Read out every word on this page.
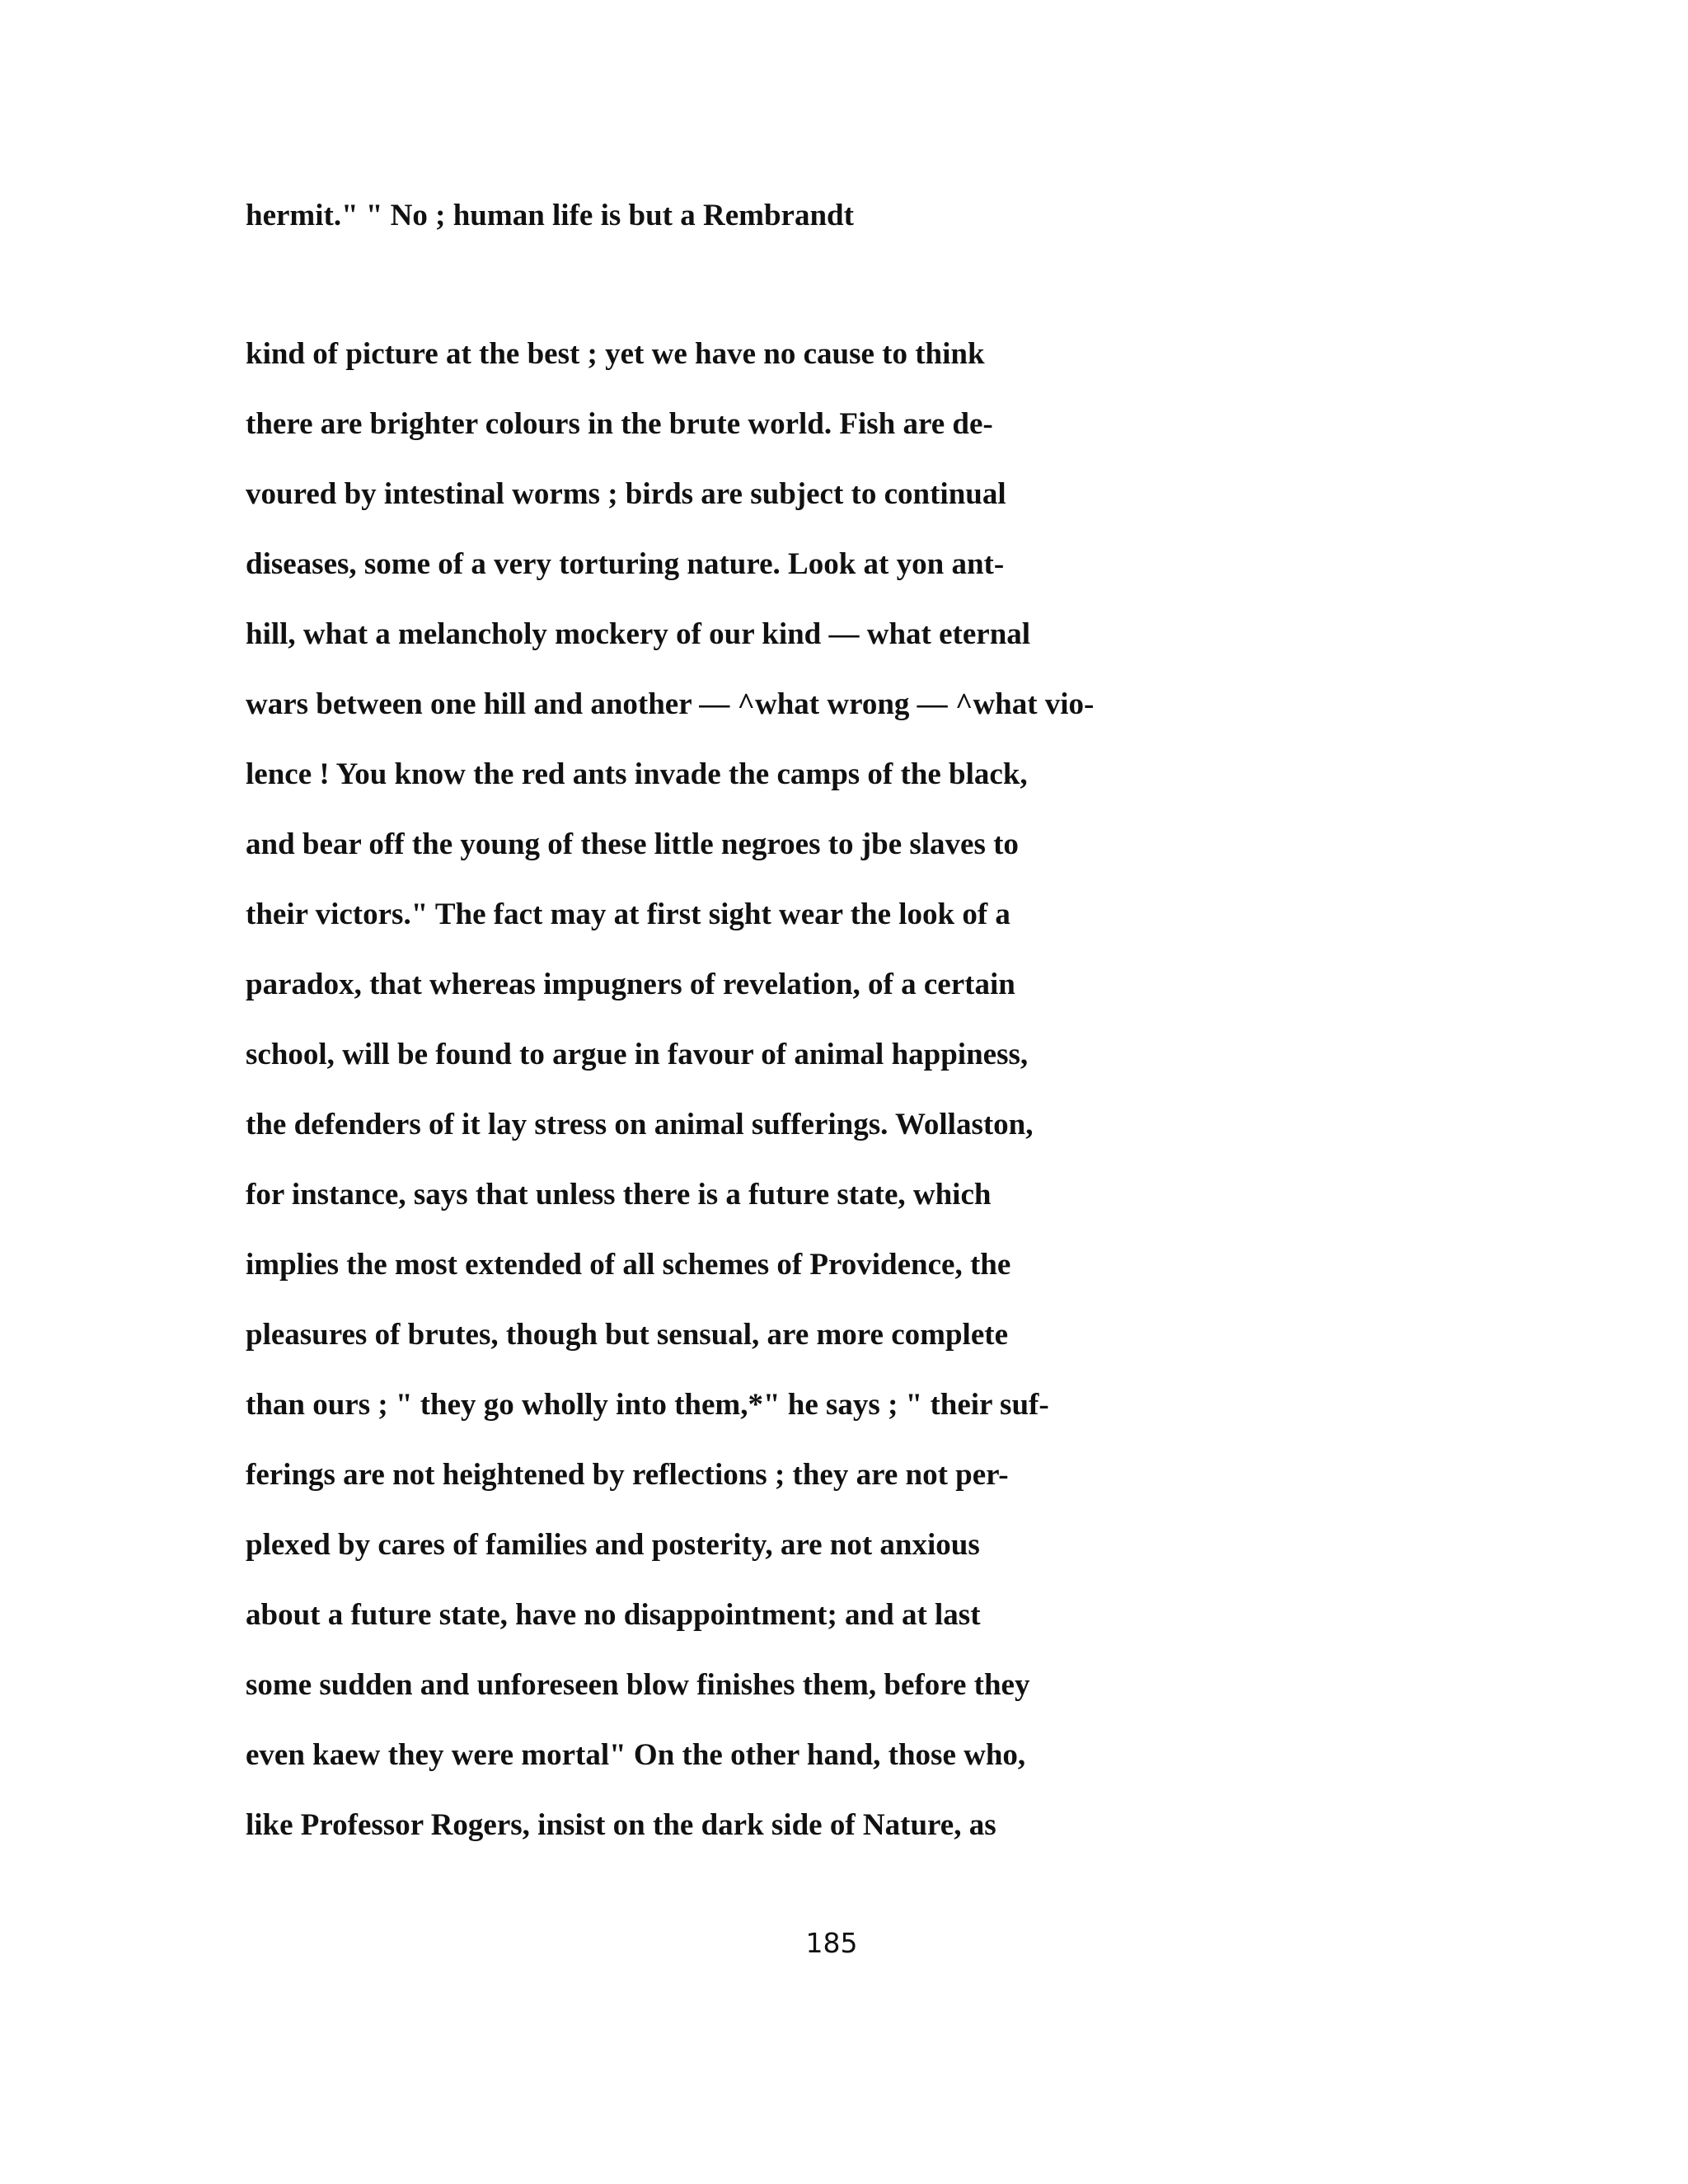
hermit." " No ; human life is but a Rembrandt

kind of picture at the best ; yet we have no cause to think

there are brighter colours in the brute world. Fish are de-

voured by intestinal worms ; birds are subject to continual

diseases, some of a very torturing nature. Look at yon ant-

hill, what a melancholy mockery of our kind — what eternal

wars between one hill and another — ^what wrong — ^what vio-

lence ! You know the red ants invade the camps of the black,

and bear off the young of these little negroes to jbe slaves to

their victors." The fact may at first sight wear the look of a

paradox, that whereas impugners of revelation, of a certain

school, will be found to argue in favour of animal happiness,

the defenders of it lay stress on animal sufferings. Wollaston,

for instance, says that unless there is a future state, which

implies the most extended of all schemes of Providence, the

pleasures of brutes, though but sensual, are more complete

than ours ; " they go wholly into them,*" he says ; " their suf-

ferings are not heightened by reflections ; they are not per-

plexed by cares of families and posterity, are not anxious

about a future state, have no disappointment; and at last

some sudden and unforeseen blow finishes them, before they

even kaew they were mortal" On the other hand, those who,

like Professor Rogers, insist on the dark side of Nature, as

185
